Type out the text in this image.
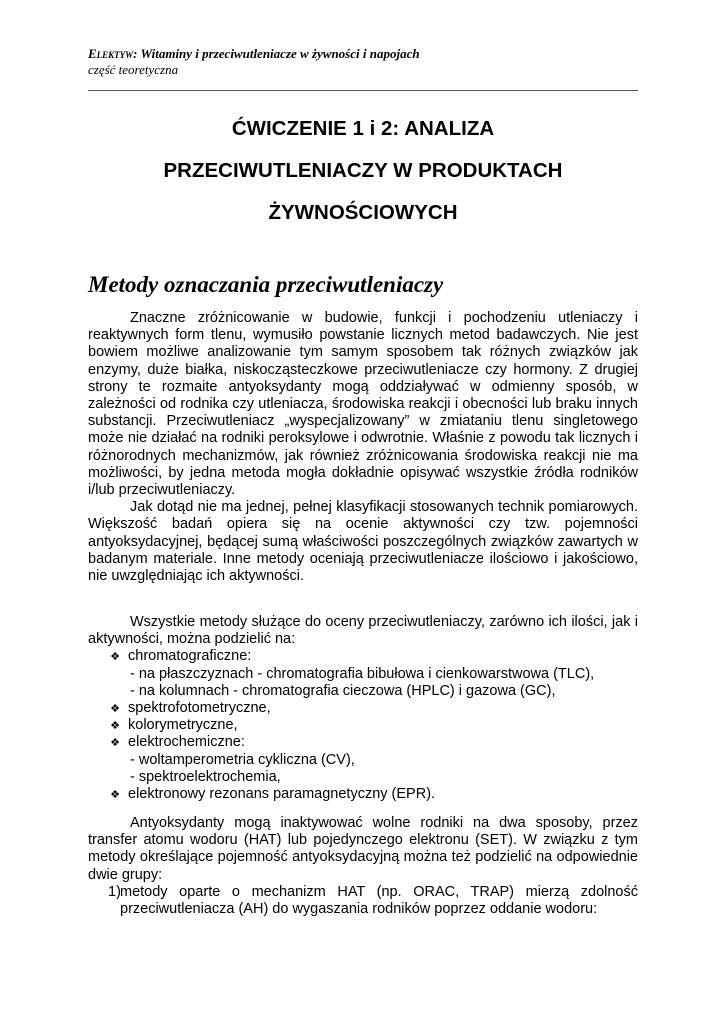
Elektyw: Witaminy i przeciwutleniacze w żywności i napojach
część teoretyczna
ĆWICZENIE 1 i 2: ANALIZA
PRZECIWUTLENIACZY W PRODUKTACH
ŻYWNOŚCIOWYCH
Metody oznaczania przeciwutleniaczy

Znaczne zróżnicowanie w budowie, funkcji i pochodzeniu utleniaczy i reaktywnych form tlenu, wymusiło powstanie licznych metod badawczych. Nie jest bowiem możliwe analizowanie tym samym sposobem tak różnych związków jak enzymy, duże białka, niskocząsteczkowe przeciwutleniacze czy hormony. Z drugiej strony te rozmaite antyoksydanty mogą oddziaływać w odmienny sposób, w zależności od rodnika czy utleniacza, środowiska reakcji i obecności lub braku innych substancji. Przeciwutleniacz „wyspecjalizowany” w zmiataniu tlenu singletowego może nie działać na rodniki peroksylowe i odwrotnie. Właśnie z powodu tak licznych i różnorodnych mechanizmów, jak również zróżnicowania środowiska reakcji nie ma możliwości, by jedna metoda mogła dokładnie opisywać wszystkie źródła rodników i/lub przeciwutleniaczy.

Jak dotąd nie ma jednej, pełnej klasyfikacji stosowanych technik pomiarowych. Większość badań opiera się na ocenie aktywności czy tzw. pojemności antyoksydacyjnej, będącej sumą właściwości poszczególnych związków zawartych w badanym materiale. Inne metody oceniają przeciwutleniacze ilościowo i jakościowo, nie uwzględniając ich aktywności.

Wszystkie metody służące do oceny przeciwutleniaczy, zarówno ich ilości, jak i aktywności, można podzielić na:

❖ chromatograficzne:
- na płaszczyznach - chromatografia bibułowa i cienkowarstwowa (TLC),
- na kolumnach - chromatografia cieczowa (HPLC) i gazowa (GC),
❖ spektrofotometryczne,
❖ kolorymetryczne,
❖ elektrochemiczne:
- woltamperometria cykliczna (CV),
- spektroelektrochemia,
❖ elektronowy rezonans paramagnetyczny (EPR).

Antyoksydanty mogą inaktywować wolne rodniki na dwa sposoby, przez transfer atomu wodoru (HAT) lub pojedynczego elektronu (SET). W związku z tym metody określające pojemność antyoksydacyjną można też podzielić na odpowiednie dwie grupy:

1) metody oparte o mechanizm HAT (np. ORAC, TRAP) mierzą zdolność przeciwutleniacza (AH) do wygaszania rodników poprzez oddanie wodoru:
